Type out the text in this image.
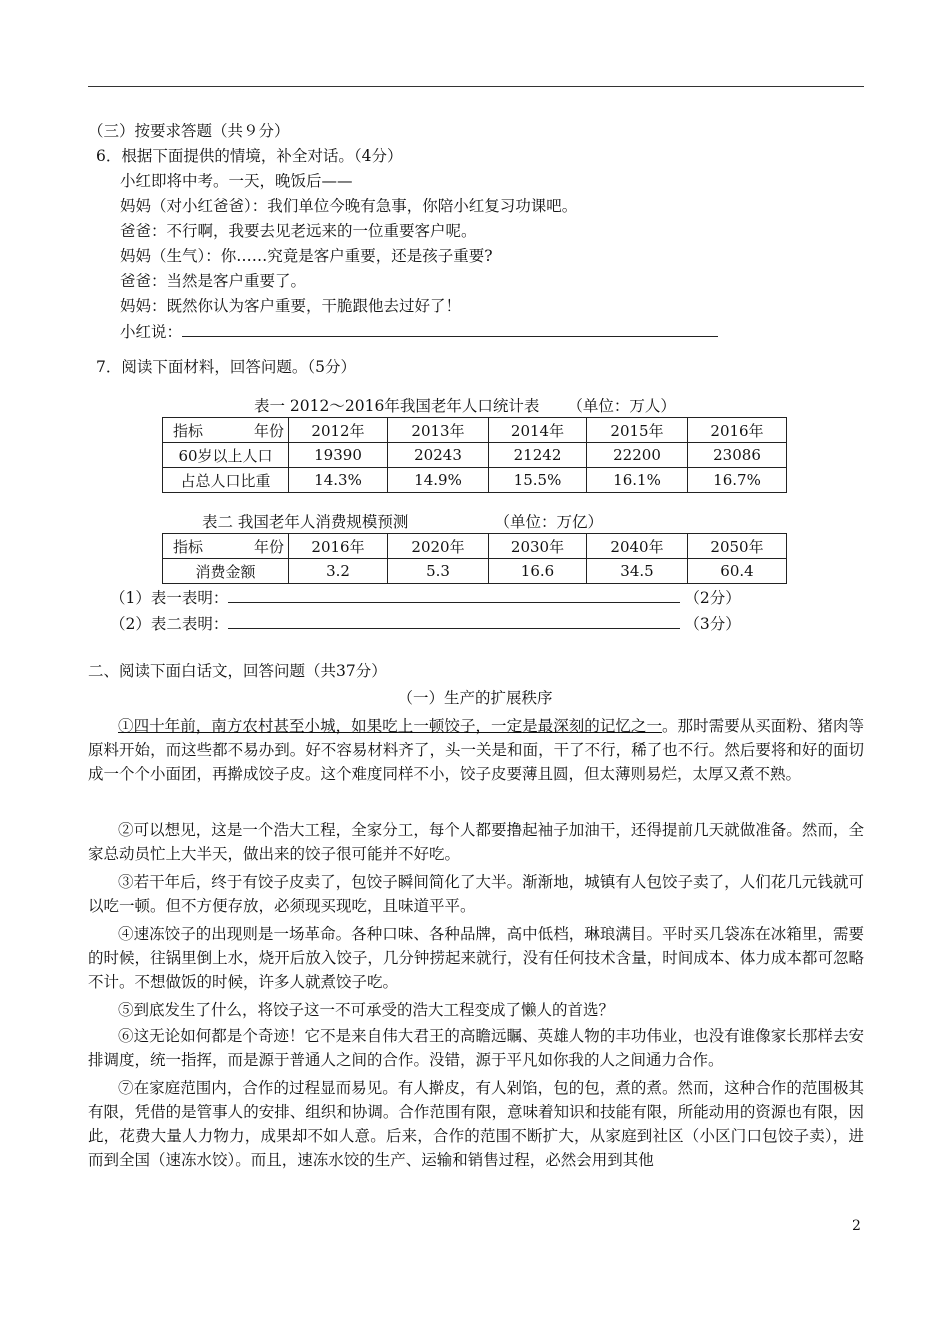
（三）按要求答题（共９分）
6．根据下面提供的情境，补全对话。（4分）
小红即将中考。一天，晚饭后——
妈妈（对小红爸爸）：我们单位今晚有急事，你陪小红复习功课吧。
爸爸：不行啊，我要去见老远来的一位重要客户呢。
妈妈（生气）：你……究竟是客户重要，还是孩子重要?
爸爸：当然是客户重要了。
妈妈：既然你认为客户重要，干脆跟他去过好了！
小红说：
7．阅读下面材料，回答问题。（5分）
表一 2012～2016年我国老年人口统计表 （单位：万人）
指标 年份	2012年	2013年	2014年	2015年	2016年
60岁以上人口	19390	20243	21242	22200	23086
占总人口比重	14.3%	14.9%	15.5%	16.1%	16.7%
表二 我国老年人消费规模预测	（单位：万亿）
指标 年份	2016年	2020年	2030年	2040年	2050年
消费金额	3.2	5.3	16.6	34.5	60.4
（1）表一表明：	（2分）
（2）表二表明：	（3分）
二、阅读下面白话文，回答问题（共37分）
（一）生产的扩展秩序
①四十年前，南方农村甚至小城，如果吃上一顿饺子，一定是最深刻的记忆之一。那时需要从买面粉、猪肉等原料开始，而这些都不易办到。好不容易材料齐了，头一关是和面，干了不行，稀了也不行。然后要将和好的面切成一个个小面团，再擀成饺子皮。这个难度同样不小，饺子皮要薄且圆，但太薄则易烂，太厚又煮不熟。
②可以想见，这是一个浩大工程，全家分工，每个人都要撸起袖子加油干，还得提前几天就做准备。然而，全家总动员忙上大半天，做出来的饺子很可能并不好吃。
③若干年后，终于有饺子皮卖了，包饺子瞬间简化了大半。渐渐地，城镇有人包饺子卖了，人们花几元钱就可以吃一顿。但不方便存放，必须现买现吃，且味道平平。
④速冻饺子的出现则是一场革命。各种口味、各种品牌，高中低档，琳琅满目。平时买几袋冻在冰箱里，需要的时候，往锅里倒上水，烧开后放入饺子，几分钟捞起来就行，没有任何技术含量，时间成本、体力成本都可忽略不计。不想做饭的时候，许多人就煮饺子吃。
⑤到底发生了什么，将饺子这一不可承受的浩大工程变成了懒人的首选？
⑥这无论如何都是个奇迹！它不是来自伟大君王的高瞻远瞩、英雄人物的丰功伟业，也没有谁像家长那样去安排调度，统一指挥，而是源于普通人之间的合作。没错，源于平凡如你我的人之间通力合作。
⑦在家庭范围内，合作的过程显而易见。有人擀皮，有人剁馅，包的包，煮的煮。然而，这种合作的范围极其有限，凭借的是管事人的安排、组织和协调。合作范围有限，意味着知识和技能有限，所能动用的资源也有限，因此，花费大量人力物力，成果却不如人意。后来，合作的范围不断扩大，从家庭到社区（小区门口包饺子卖），进而到全国（速冻水饺）。而且，速冻水饺的生产、运输和销售过程，必然会用到其他
2
